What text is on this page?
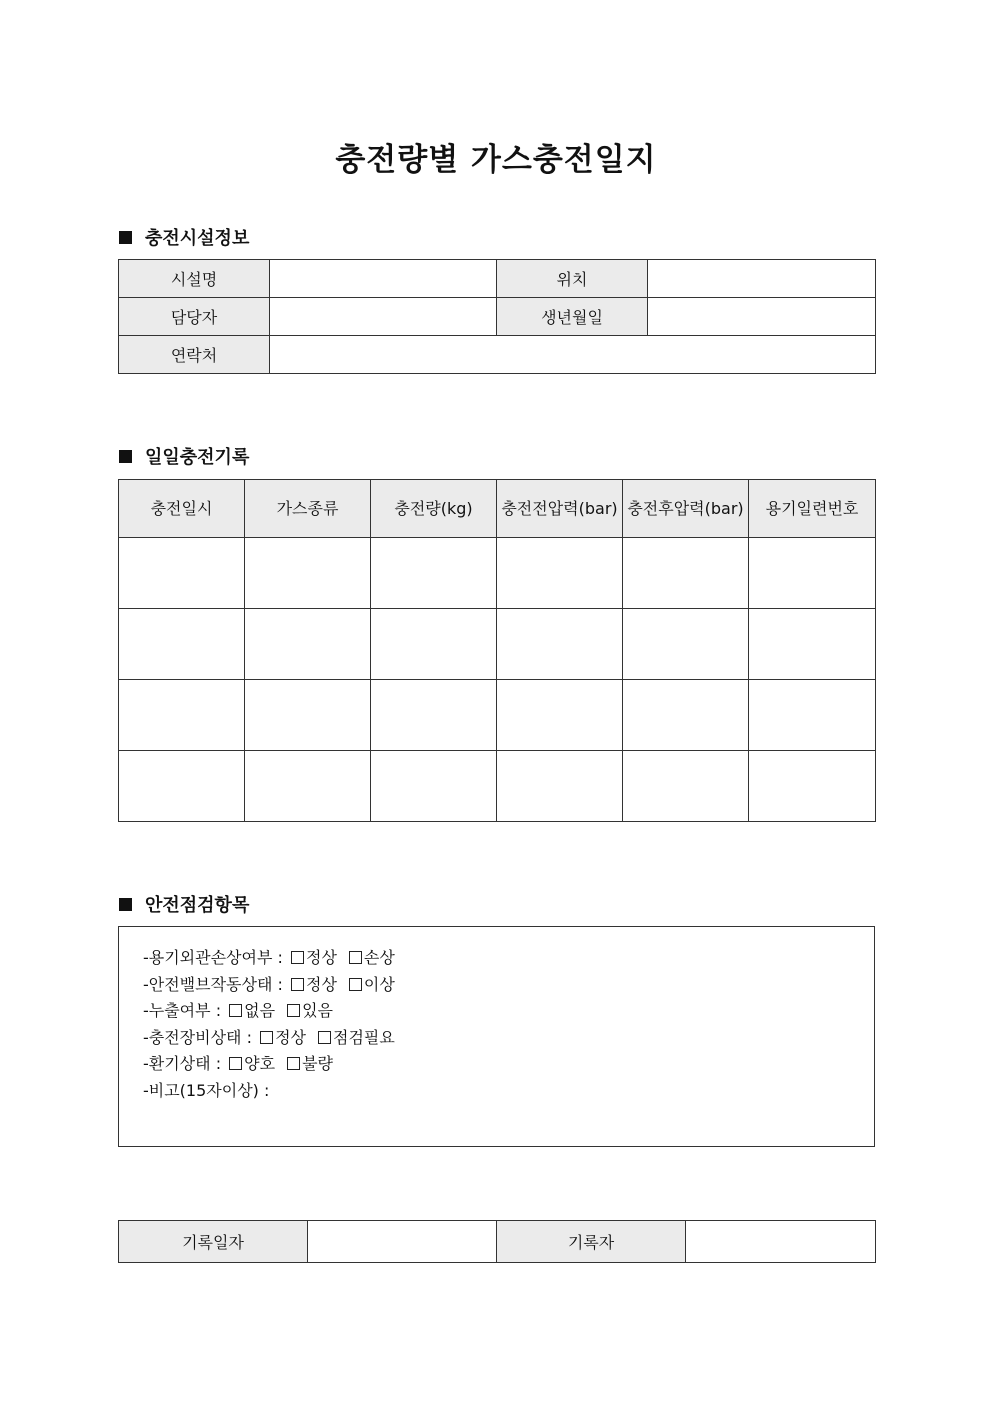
충전량별 가스충전일지
충전시설정보
시설명		위치	
담당자		생년월일	
연락처			
일일충전기록
충전일시	가스종류	충전량(kg)	충전전압력(bar)	충전후압력(bar)	용기일련번호

안전점검항목
-용기외관손상여부 : 정상 손상
-안전밸브작동상태 : 정상 이상
-누출여부 : 없음 있음
-충전장비상태 : 정상 점검필요
-환기상태 : 양호 불량
-비고(15자이상) :
기록일자		기록자	
